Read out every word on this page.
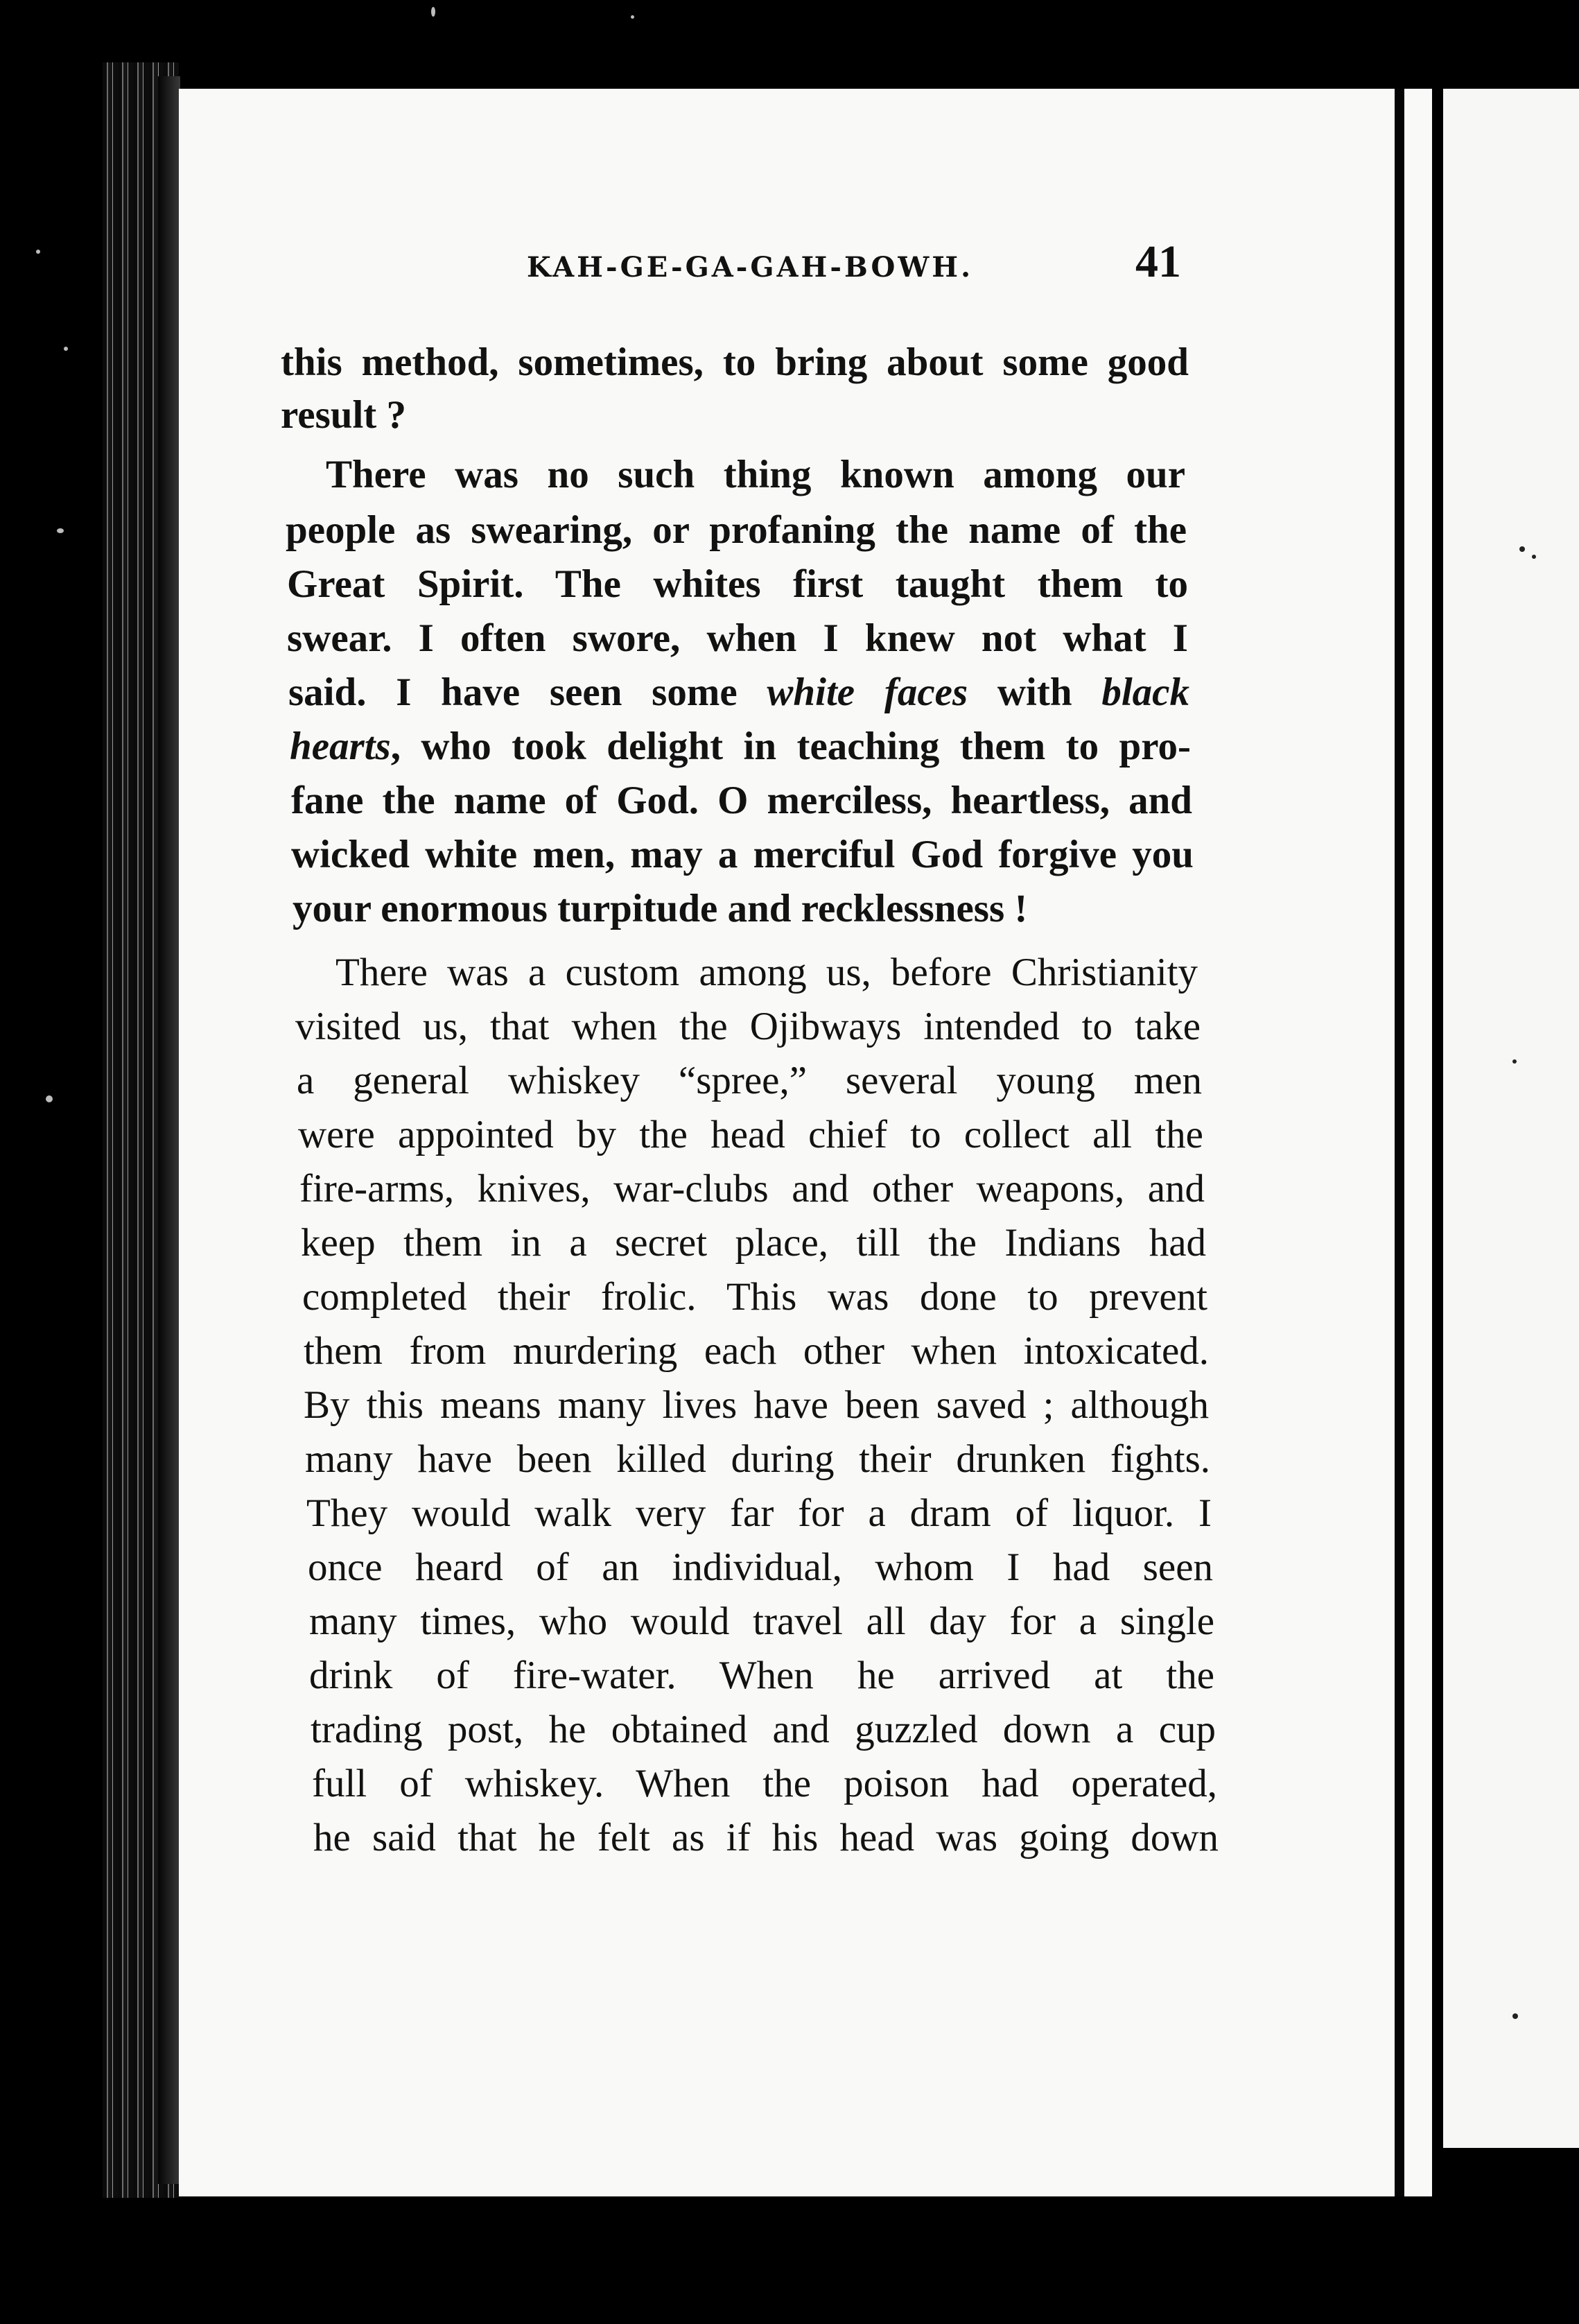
KAH-GE-GA-GAH-BOWH.	41
this method, sometimes, to bring about some good
result ?
There was no such thing known among our
people as swearing, or profaning the name of the
Great Spirit. The whites first taught them to
swear. I often swore, when I knew not what I
said. I have seen some white faces with black
hearts, who took delight in teaching them to pro-
fane the name of God. O merciless, heartless, and
wicked white men, may a merciful God forgive you
your enormous turpitude and recklessness !
There was a custom among us, before Christianity
visited us, that when the Ojibways intended to take
a general whiskey “spree,” several young men
were appointed by the head chief to collect all the
fire-arms, knives, war-clubs and other weapons, and
keep them in a secret place, till the Indians had
completed their frolic. This was done to prevent
them from murdering each other when intoxicated.
By this means many lives have been saved ; although
many have been killed during their drunken fights.
They would walk very far for a dram of liquor. I
once heard of an individual, whom I had seen
many times, who would travel all day for a single
drink of fire-water. When he arrived at the
trading post, he obtained and guzzled down a cup
full of whiskey. When the poison had operated,
he said that he felt as if his head was going down
